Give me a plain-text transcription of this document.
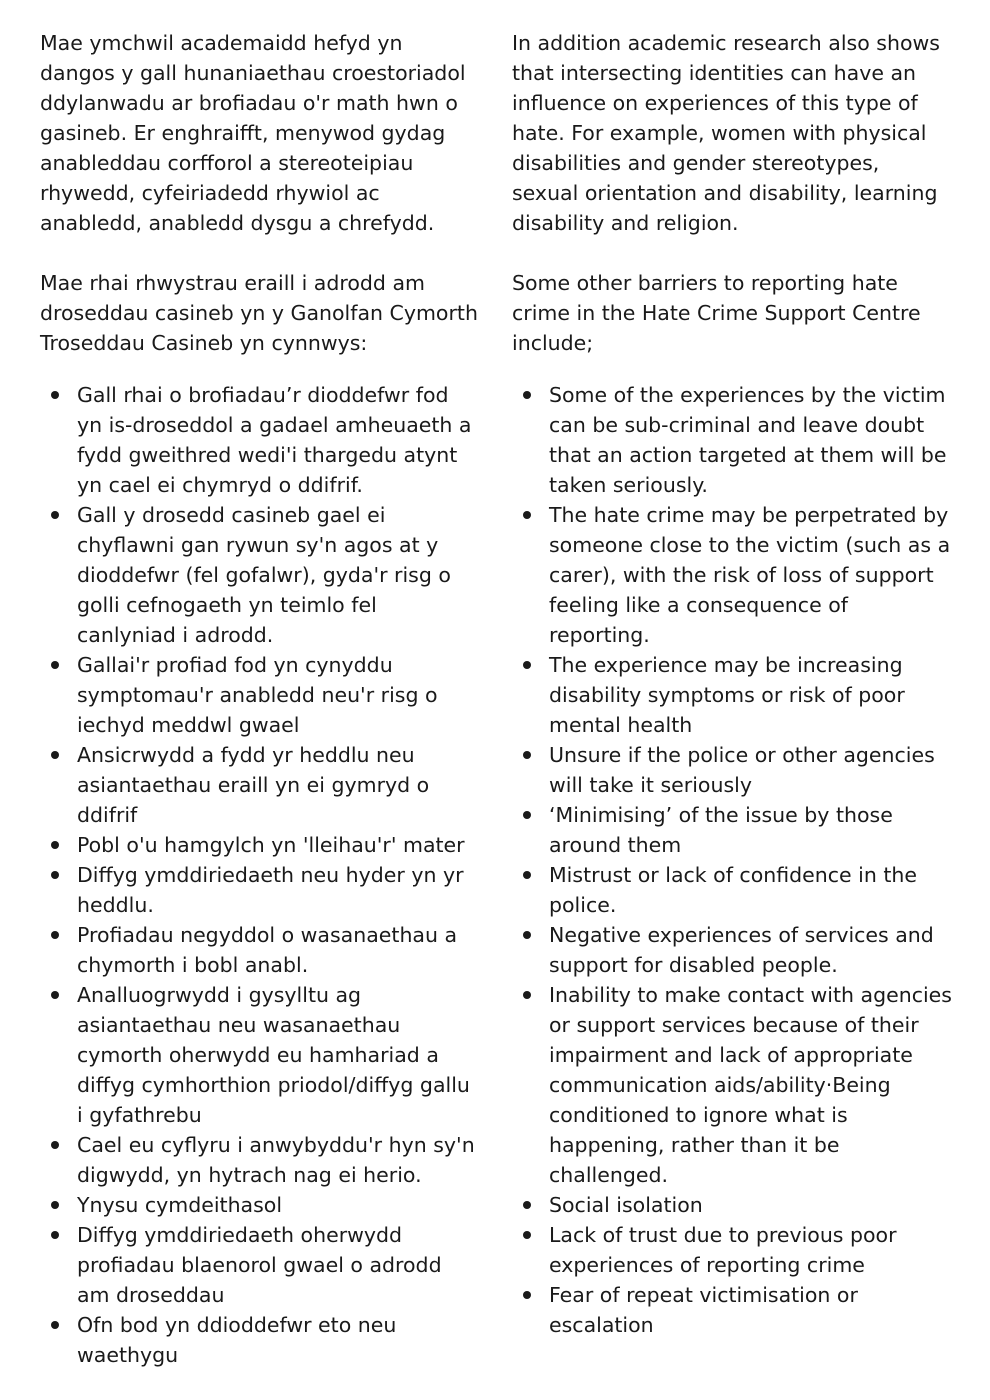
Mae ymchwil academaidd hefyd yn dangos y gall hunaniaethau croestoriadol ddylanwadu ar brofiadau o'r math hwn o gasineb. Er enghraifft, menywod gydag anableddau corfforol a stereoteipiau rhywedd, cyfeiriadedd rhywiol ac anabledd, anabledd dysgu a chrefydd.

Mae rhai rhwystrau eraill i adrodd am droseddau casineb yn y Ganolfan Cymorth Troseddau Casineb yn cynnwys:

Gall rhai o brofiadau’r dioddefwr fod yn is-droseddol a gadael amheuaeth a fydd gweithred wedi'i thargedu atynt yn cael ei chymryd o ddifrif.
Gall y drosedd casineb gael ei chyflawni gan rywun sy'n agos at y dioddefwr (fel gofalwr), gyda'r risg o golli cefnogaeth yn teimlo fel canlyniad i adrodd.
Gallai'r profiad fod yn cynyddu symptomau'r anabledd neu'r risg o iechyd meddwl gwael
Ansicrwydd a fydd yr heddlu neu asiantaethau eraill yn ei gymryd o ddifrif
Pobl o'u hamgylch yn 'lleihau'r' mater
Diffyg ymddiriedaeth neu hyder yn yr heddlu.
Profiadau negyddol o wasanaethau a chymorth i bobl anabl.
Analluogrwydd i gysylltu ag asiantaethau neu wasanaethau cymorth oherwydd eu hamhariad a diffyg cymhorthion priodol/diffyg gallu i gyfathrebu
Cael eu cyflyru i anwybyddu'r hyn sy'n digwydd, yn hytrach nag ei herio.
Ynysu cymdeithasol
Diffyg ymddiriedaeth oherwydd profiadau blaenorol gwael o adrodd am droseddau
Ofn bod yn ddioddefwr eto neu waethygu

In addition academic research also shows that intersecting identities can have an influence on experiences of this type of hate. For example, women with physical disabilities and gender stereotypes, sexual orientation and disability, learning disability and religion.

Some other barriers to reporting hate crime in the Hate Crime Support Centre include;

Some of the experiences by the victim can be sub-criminal and leave doubt that an action targeted at them will be taken seriously.
The hate crime may be perpetrated by someone close to the victim (such as a carer), with the risk of loss of support feeling like a consequence of reporting.
The experience may be increasing disability symptoms or risk of poor mental health
Unsure if the police or other agencies will take it seriously
‘Minimising’ of the issue by those around them
Mistrust or lack of confidence in the police.
Negative experiences of services and support for disabled people.
Inability to make contact with agencies or support services because of their impairment and lack of appropriate communication aids/ability·Being conditioned to ignore what is happening, rather than it be challenged.
Social isolation
Lack of trust due to previous poor experiences of reporting crime
Fear of repeat victimisation or escalation
